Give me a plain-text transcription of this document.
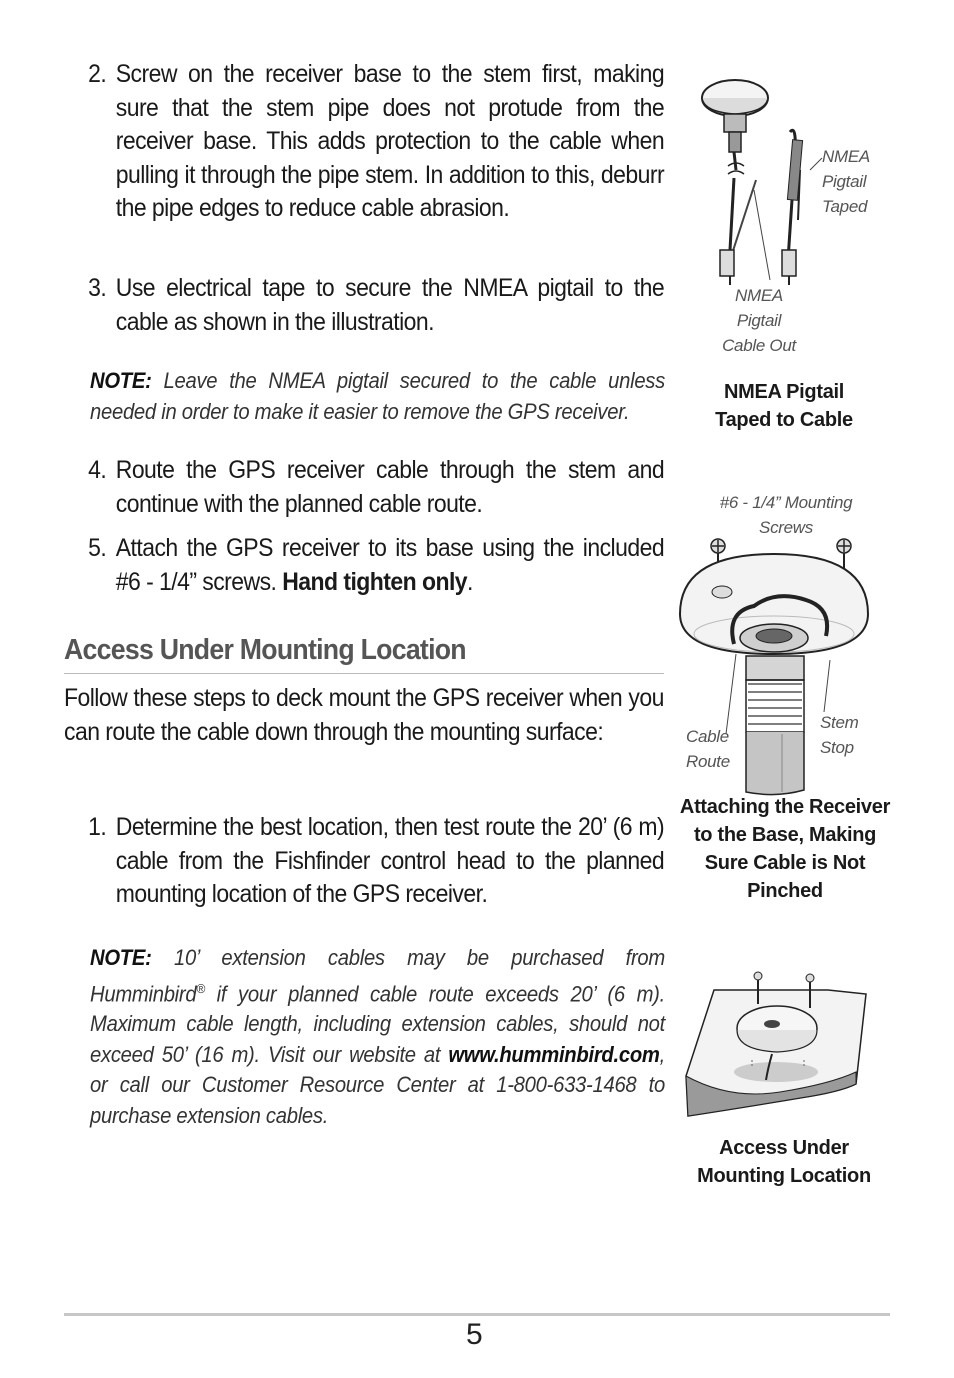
2. Screw on the receiver base to the stem first, making sure that the stem pipe does not protude from the receiver base. This adds protection to the cable when pulling it through the pipe stem. In addition to this, deburr the pipe edges to reduce cable abrasion.
3. Use electrical tape to secure the NMEA pigtail to the cable as shown in the illustration.
NOTE: Leave the NMEA pigtail secured to the cable unless needed in order to make it easier to remove the GPS receiver.
4. Route the GPS receiver cable through the stem and continue with the planned cable route.
5. Attach the GPS receiver to its base using the included #6 - 1/4” screws. Hand tighten only.
Access Under Mounting Location
Follow these steps to deck mount the GPS receiver when you can route the cable down through the mounting surface:
1. Determine the best location, then test route the 20’ (6 m) cable from the Fishfinder control head to the planned mounting location of the GPS receiver.
NOTE: 10’ extension cables may be purchased from Humminbird® if your planned cable route exceeds 20’ (6 m). Maximum cable length, including extension cables, should not exceed 50’ (16 m). Visit our website at www.humminbird.com, or call our Customer Resource Center at 1-800-633-1468 to purchase extension cables.
NMEA
Pigtail
Taped
NMEA
Pigtail
Cable Out
NMEA Pigtail
Taped to Cable
#6 - 1/4” Mounting
Screws
Cable
Route
Stem
Stop
Attaching the Receiver
to the Base, Making
Sure Cable is Not
Pinched
Access Under
Mounting Location
5
